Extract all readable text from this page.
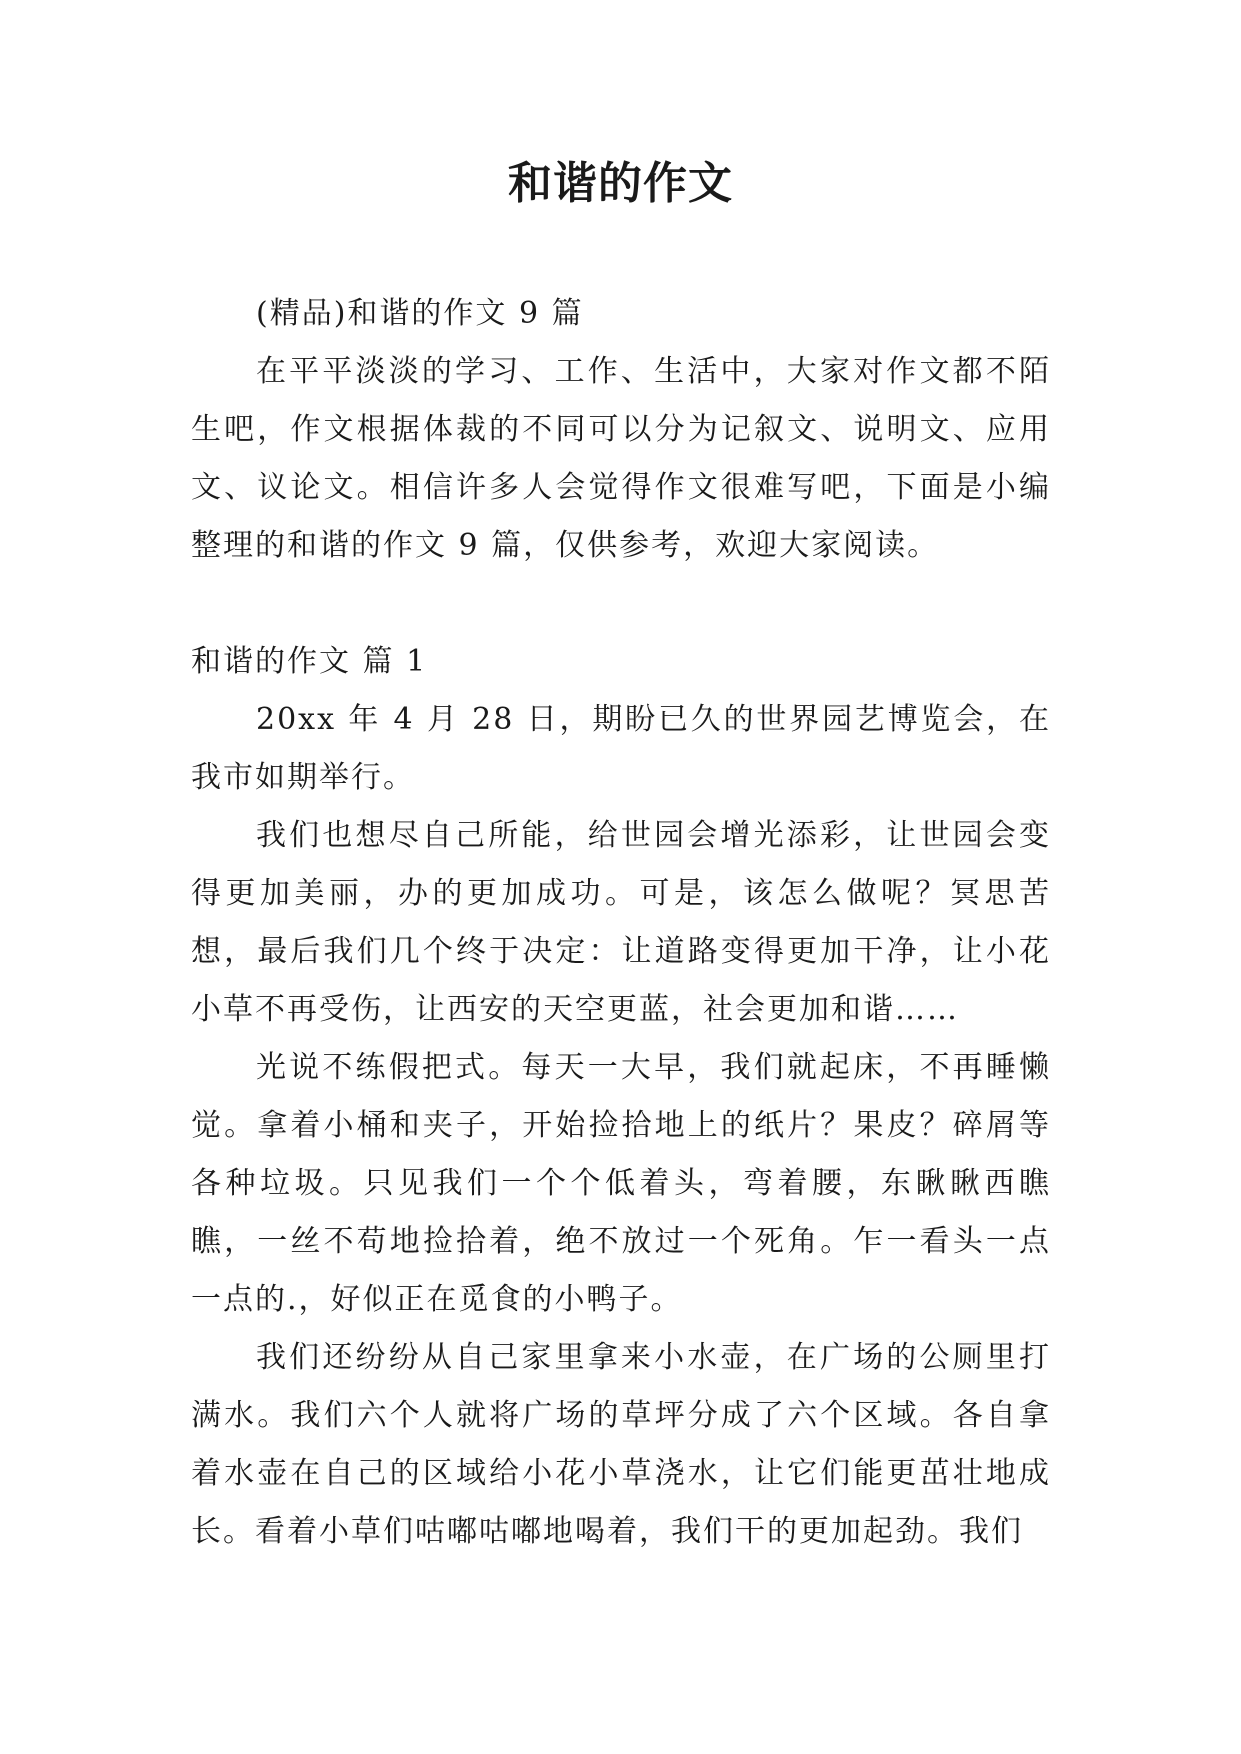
和谐的作文

(精品)和谐的作文 9 篇

在平平淡淡的学习、工作、生活中，大家对作文都不陌生吧，作文根据体裁的不同可以分为记叙文、说明文、应用文、议论文。相信许多人会觉得作文很难写吧，下面是小编整理的和谐的作文 9 篇，仅供参考，欢迎大家阅读。

和谐的作文 篇 1

20xx 年 4 月 28 日，期盼已久的世界园艺博览会，在我市如期举行。

我们也想尽自己所能，给世园会增光添彩，让世园会变得更加美丽，办的更加成功。可是，该怎么做呢？冥思苦想，最后我们几个终于决定：让道路变得更加干净，让小花小草不再受伤，让西安的天空更蓝，社会更加和谐……

光说不练假把式。每天一大早，我们就起床，不再睡懒觉。拿着小桶和夹子，开始捡拾地上的纸片？果皮？碎屑等各种垃圾。只见我们一个个低着头，弯着腰，东瞅瞅西瞧瞧，一丝不苟地捡拾着，绝不放过一个死角。乍一看头一点一点的.，好似正在觅食的小鸭子。

我们还纷纷从自己家里拿来小水壶，在广场的公厕里打满水。我们六个人就将广场的草坪分成了六个区域。各自拿着水壶在自己的区域给小花小草浇水，让它们能更茁壮地成长。看着小草们咕嘟咕嘟地喝着，我们干的更加起劲。我们
